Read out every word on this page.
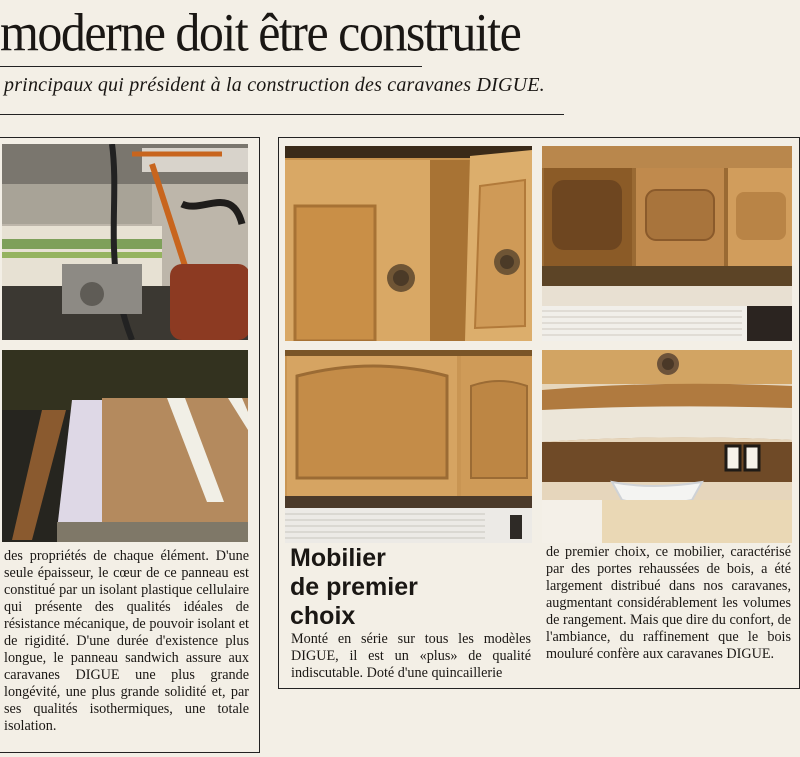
moderne doit être construite
principaux qui président à la construction des caravanes DIGUE.
des propriétés de chaque élément. D'une seule épaisseur, le cœur de ce panneau est constitué par un isolant plastique cellulaire qui présente des qualités idéales de résistance mécanique, de pouvoir isolant et de rigidité. D'une durée d'existence plus longue, le panneau sandwich assure aux caravanes DIGUE une plus grande longévité, une plus grande solidité et, par ses qualités isothermiques, une totale isolation.
Mobilier
de premier
choix
Monté en série sur tous les modèles DIGUE, il est un «plus» de qualité indiscutable. Doté d'une quincaillerie
de premier choix, ce mobilier, caractérisé par des portes rehaussées de bois, a été largement distribué dans nos caravanes, augmentant considérablement les volumes de rangement. Mais que dire du confort, de l'ambiance, du raffinement que le bois mouluré confère aux caravanes DIGUE.
